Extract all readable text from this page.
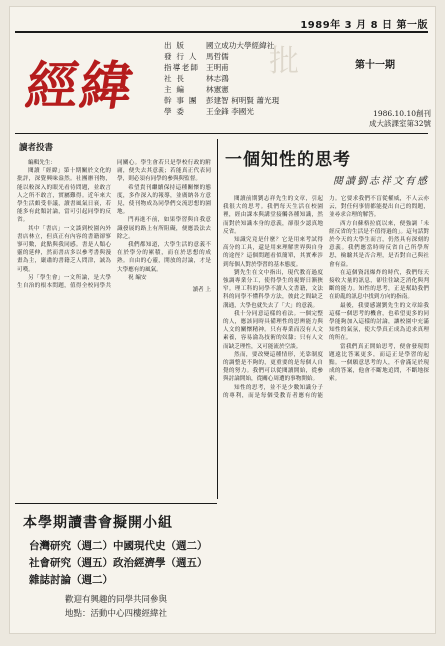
1989年 3 月 8 日 第一版
經緯	批
出 版	國立成功大學經緯社
發 行 人	馬哲儒
指導老師 王明甫
社 長	林志鴻
主 編	林憲憲
幹 事 團	彭建智 柯明賢 蕭光現
學 委	王金鋒 李國光
第十一期
1986.10.10創刊
成大該課室第32號
讀者投書

編輯先生：

閱讀「經緯」第十期關於文化的批評，深覺興味盎然。社團辦刊物，能以較深入的眼光看待問題，並敢言人之所不敢言，實屬難得。近年來大學生活頗受非議，讀書風氣日衰，若能多有此類討論，當可引起同學的反省。

其中「書店」一文談到校園內外書店林立，但真正有內容的書籍卻寥寥可數，此點與我同感。書是人類心靈的延伸，然而書店多以參考書與漫畫為主，嚴肅的書籍乏人問津，誠為可嘆。

另「學生會」一文所論，是大學生自治的根本問題，值得全校同學共同關心。學生會若只是學校行政的附庸，便失去其意義；若能真正代表同學，則必須有同學的參與與監督。

希望貴刊繼續保持這種關懷的態度，多作深入的報導，並廣納各方意見，使刊物成為同學們交流思想的園地。

門再進不前，如果學習與自我意識發展的路上有所阻礙，便應設法去除之。

我們都知道，大學生活的意義不在於學分的累積，而在於思想的成熟。自由的心靈，開放的討論，才是大學應有的風氣。

祝 編安

讀者 上

一個知性的思考
閱讀劉志祥文有感

閱讀前期劉志祥先生的文章，引起我很大的思考。我們每天生活在校園裡，經由課本與講堂接觸各種知識，然而對於知識本身的意義，卻很少認真地反省。

知識究竟是什麼？它是用來考試得高分的工具，還是用來理解世界與自身的途徑？這個問題看似簡單，其實牽涉到每個人對於學習的基本態度。

劉先生在文中指出，現代教育過度強調專業分工，使得學生的視野日漸狹窄。理工科的同學不讀人文書籍，文法科的同學不懂科學方法，彼此之間缺乏溝通，大學也就失去了「大」的意義。

我十分同意這樣的看法。一個完整的人，應該同時具備理性的思辨能力與人文的關懷精神。只有專業而沒有人文素養，容易淪為技術的奴隸；只有人文而缺乏理性，又可能流於空談。

然而，要改變這種情形，光靠制度的調整是不夠的，更重要的是每個人自覺的努力。我們可以從閱讀開始，從參與討論開始，從關心周遭的事物開始。

知性的思考，並不是少數知識分子的專利，而是每個受教育者應有的能力。它要求我們不盲從權威，不人云亦云，對任何事情都能提出自己的問題，並尋求合理的解答。

西方自蘇格拉底以來，便強調「未經反省的生活是不值得過的」。這句話對於今天的大學生而言，仍然具有深刻的意義。我們應當時時反省自己所學所思，檢驗其是否合理，是否對自己與社會有益。

在這個資訊爆炸的時代，我們每天接收大量的訊息，卻往往缺乏消化與判斷的能力。知性的思考，正是幫助我們在紛亂的訊息中找到方向的指南。

最後，我要感謝劉先生的文章給我這樣一個思考的機會，也希望更多的同學能夠加入這樣的討論，讓校園中充滿知性的氣氛，使大學真正成為追求真理的所在。

當我們真正開始思考，便會發現問題遠比答案更多，而這正是學習的起點。一個願意思考的人，不會滿足於現成的答案，他會不斷地追問，不斷地探索。

本學期讀書會擬開小組
台灣研究（週二）中國現代史（週二）
社會研究（週五）政治經濟學（週五）
雜誌討論（週二）
歡迎有興趣的同學共同參與
地點：活動中心四樓經緯社
